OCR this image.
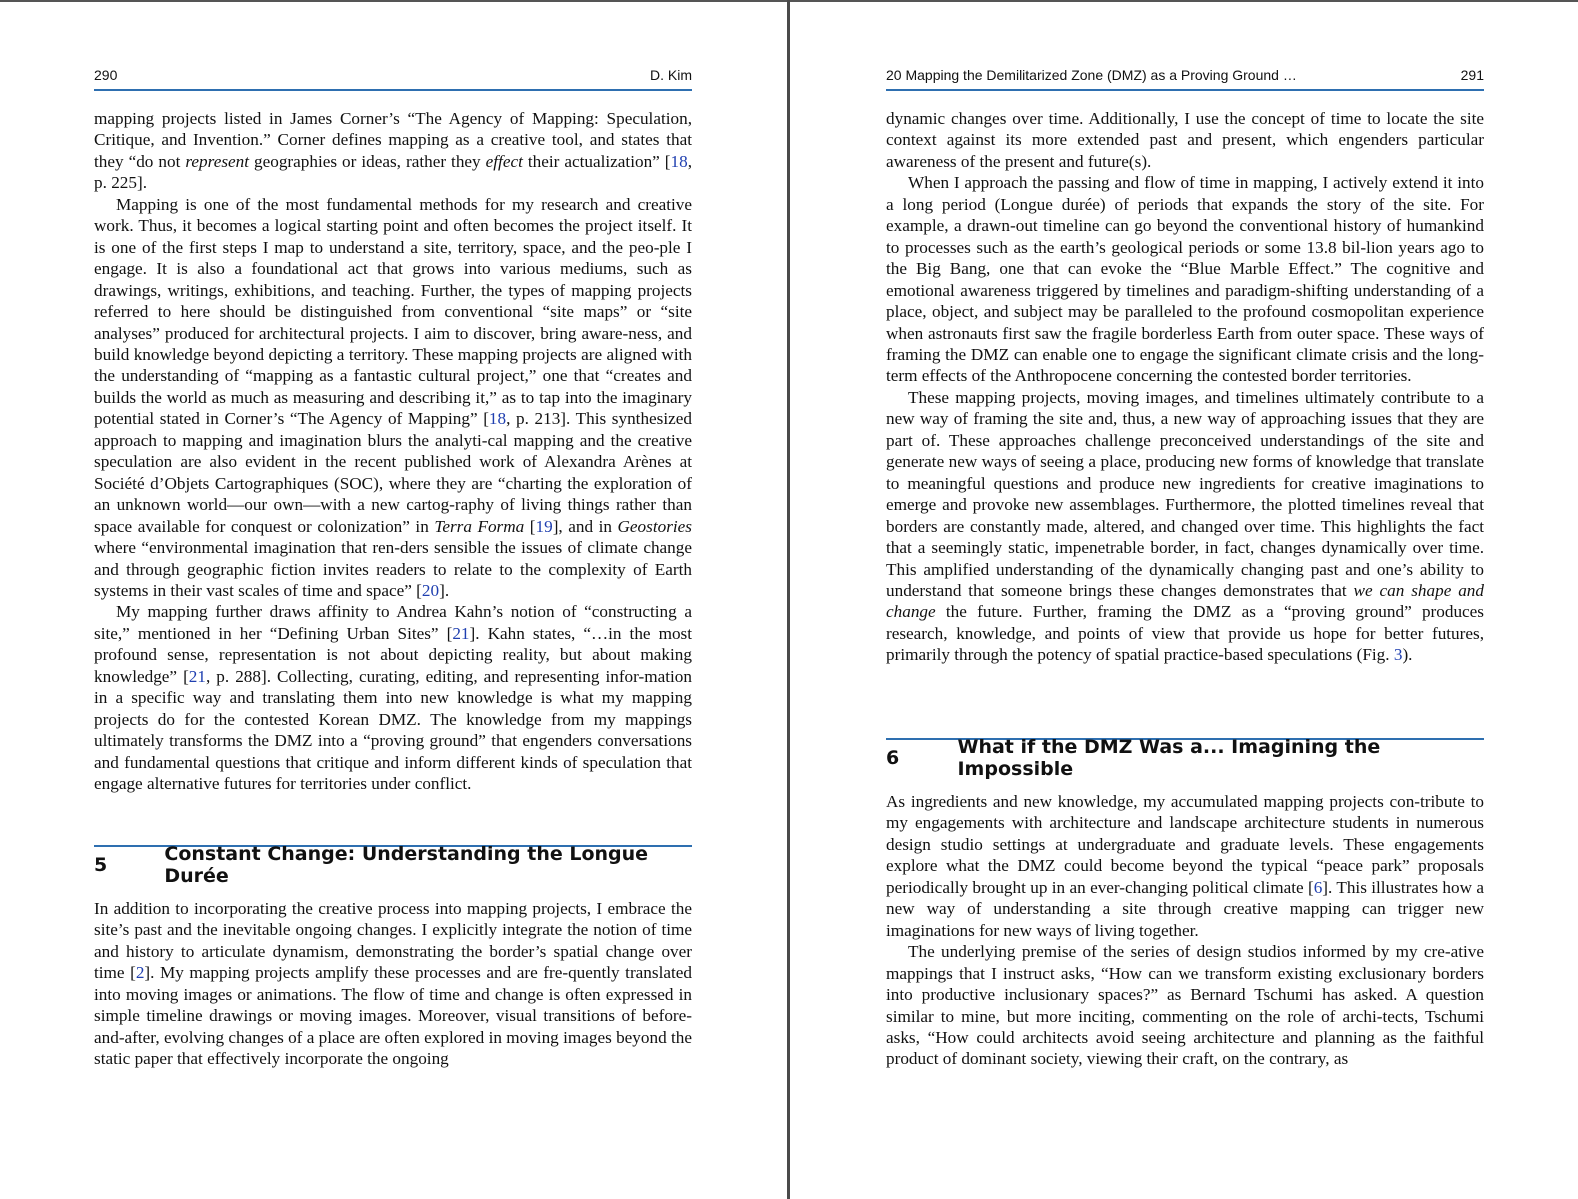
290	D. Kim

mapping projects listed in James Corner’s “The Agency of Mapping: Speculation, Critique, and Invention.” Corner defines mapping as a creative tool, and states that they “do not represent geographies or ideas, rather they effect their actualization” [18, p. 225].

Mapping is one of the most fundamental methods for my research and creative work. Thus, it becomes a logical starting point and often becomes the project itself. It is one of the first steps I map to understand a site, territory, space, and the peo-ple I engage. It is also a foundational act that grows into various mediums, such as drawings, writings, exhibitions, and teaching. Further, the types of mapping projects referred to here should be distinguished from conventional “site maps” or “site analyses” produced for architectural projects. I aim to discover, bring aware-ness, and build knowledge beyond depicting a territory. These mapping projects are aligned with the understanding of “mapping as a fantastic cultural project,” one that “creates and builds the world as much as measuring and describing it,” as to tap into the imaginary potential stated in Corner’s “The Agency of Mapping” [18, p. 213]. This synthesized approach to mapping and imagination blurs the analyti-cal mapping and the creative speculation are also evident in the recent published work of Alexandra Arènes at Société d’Objets Cartographiques (SOC), where they are “charting the exploration of an unknown world—our own—with a new cartog-raphy of living things rather than space available for conquest or colonization” in Terra Forma [19], and in Geostories where “environmental imagination that ren-ders sensible the issues of climate change and through geographic fiction invites readers to relate to the complexity of Earth systems in their vast scales of time and space” [20].

My mapping further draws affinity to Andrea Kahn’s notion of “constructing a site,” mentioned in her “Defining Urban Sites” [21]. Kahn states, “…in the most profound sense, representation is not about depicting reality, but about making knowledge” [21, p. 288]. Collecting, curating, editing, and representing infor-mation in a specific way and translating them into new knowledge is what my mapping projects do for the contested Korean DMZ. The knowledge from my mappings ultimately transforms the DMZ into a “proving ground” that engenders conversations and fundamental questions that critique and inform different kinds of speculation that engage alternative futures for territories under conflict.

5	Constant Change: Understanding the Longue Durée

In addition to incorporating the creative process into mapping projects, I embrace the site’s past and the inevitable ongoing changes. I explicitly integrate the notion of time and history to articulate dynamism, demonstrating the border’s spatial change over time [2]. My mapping projects amplify these processes and are fre-quently translated into moving images or animations. The flow of time and change is often expressed in simple timeline drawings or moving images. Moreover, visual transitions of before-and-after, evolving changes of a place are often explored in moving images beyond the static paper that effectively incorporate the ongoing

20 Mapping the Demilitarized Zone (DMZ) as a Proving Ground …	291

dynamic changes over time. Additionally, I use the concept of time to locate the site context against its more extended past and present, which engenders particular awareness of the present and future(s).

When I approach the passing and flow of time in mapping, I actively extend it into a long period (Longue durée) of periods that expands the story of the site. For example, a drawn-out timeline can go beyond the conventional history of humankind to processes such as the earth’s geological periods or some 13.8 bil-lion years ago to the Big Bang, one that can evoke the “Blue Marble Effect.” The cognitive and emotional awareness triggered by timelines and paradigm-shifting understanding of a place, object, and subject may be paralleled to the profound cosmopolitan experience when astronauts first saw the fragile borderless Earth from outer space. These ways of framing the DMZ can enable one to engage the significant climate crisis and the long-term effects of the Anthropocene concerning the contested border territories.

These mapping projects, moving images, and timelines ultimately contribute to a new way of framing the site and, thus, a new way of approaching issues that they are part of. These approaches challenge preconceived understandings of the site and generate new ways of seeing a place, producing new forms of knowledge that translate to meaningful questions and produce new ingredients for creative imaginations to emerge and provoke new assemblages. Furthermore, the plotted timelines reveal that borders are constantly made, altered, and changed over time. This highlights the fact that a seemingly static, impenetrable border, in fact, changes dynamically over time. This amplified understanding of the dynamically changing past and one’s ability to understand that someone brings these changes demonstrates that we can shape and change the future. Further, framing the DMZ as a “proving ground” produces research, knowledge, and points of view that provide us hope for better futures, primarily through the potency of spatial practice-based speculations (Fig. 3).

6	What if the DMZ Was a... Imagining the Impossible

As ingredients and new knowledge, my accumulated mapping projects con-tribute to my engagements with architecture and landscape architecture students in numerous design studio settings at undergraduate and graduate levels. These engagements explore what the DMZ could become beyond the typical “peace park” proposals periodically brought up in an ever-changing political climate [6]. This illustrates how a new way of understanding a site through creative mapping can trigger new imaginations for new ways of living together.

The underlying premise of the series of design studios informed by my cre-ative mappings that I instruct asks, “How can we transform existing exclusionary borders into productive inclusionary spaces?” as Bernard Tschumi has asked. A question similar to mine, but more inciting, commenting on the role of archi-tects, Tschumi asks, “How could architects avoid seeing architecture and planning as the faithful product of dominant society, viewing their craft, on the contrary, as
